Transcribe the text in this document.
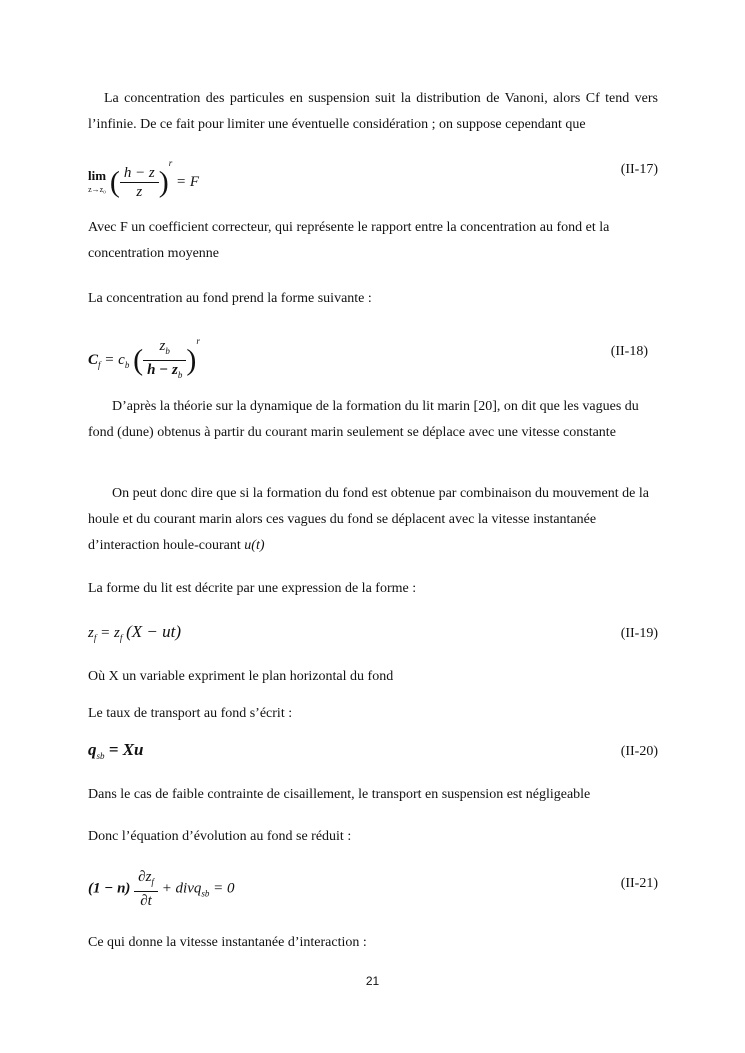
La concentration des particules en suspension suit la distribution de Vanoni, alors C​f tend vers l’infinie. De ce fait pour limiter une éventuelle considération ; on suppose cependant que
lim
z→z₀ ( $\frac{h - z}{z} )^r = F$
(II-17)
Avec F un coefficient correcteur, qui représente le rapport entre la concentration au fond et la concentration moyenne
La concentration au fond prend la forme suivante :
$C_f = c_b$ ( $\frac{z_b}{h - z_b} )^r$
(II-18)
D’après la théorie sur la dynamique de la formation du lit marin [20], on dit que les vagues du fond (dune) obtenus à partir du courant marin seulement se déplace avec une vitesse constante
On peut donc dire que si la formation du fond est obtenue par combinaison du mouvement de la houle et du courant marin alors ces vagues du fond se déplacent avec la vitesse instantanée d’interaction houle-courant u(t)
La forme du lit est décrite par une expression de la forme :
$z_f = z_f$ (X − ut)	(II-19)
Où X un variable expriment le plan horizontal du fond
Le taux de transport au fond s’écrit :
$q_{sb} = Xu$	(II-20)
Dans le cas de faible contrainte de cisaillement, le transport en suspension est négligeable
Donc l’équation d’évolution au fond se réduit :
$(1 - n) \frac{\partial z_f}{\partial t}$ + divq$_{sb}$ = 0	(II-21)
Ce qui donne la vitesse instantanée d’interaction :
21
